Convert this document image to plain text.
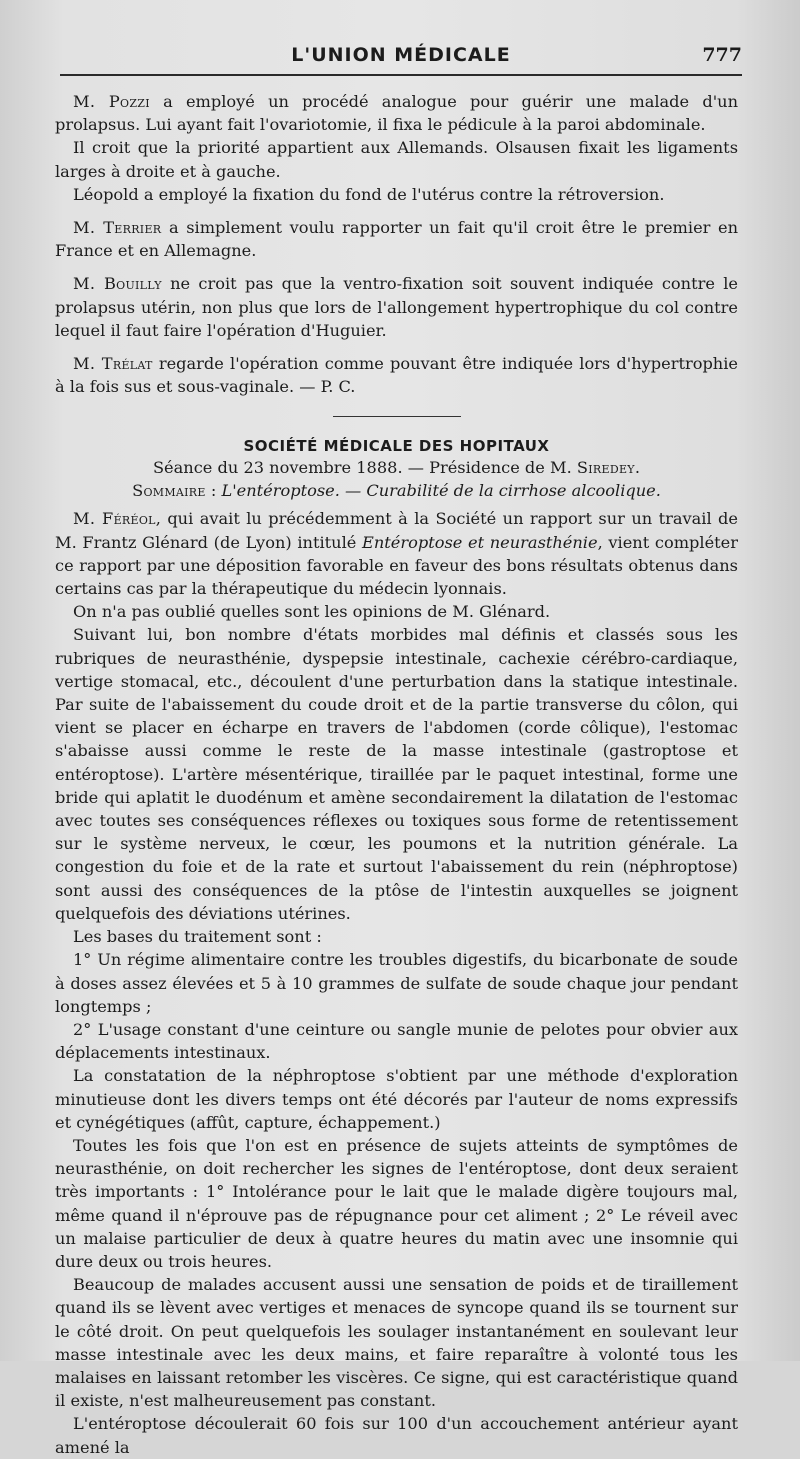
L'UNION MÉDICALE	777

M. Pozzi a employé un procédé analogue pour guérir une malade d'un prolapsus. Lui ayant fait l'ovariotomie, il fixa le pédicule à la paroi abdominale.

Il croit que la priorité appartient aux Allemands. Olsausen fixait les ligaments larges à droite et à gauche.

Léopold a employé la fixation du fond de l'utérus contre la rétroversion.

M. Terrier a simplement voulu rapporter un fait qu'il croit être le premier en France et en Allemagne.

M. Bouilly ne croit pas que la ventro-fixation soit souvent indiquée contre le prolapsus utérin, non plus que lors de l'allongement hypertrophique du col contre lequel il faut faire l'opération d'Huguier.

M. Trélat regarde l'opération comme pouvant être indiquée lors d'hypertrophie à la fois sus et sous-vaginale. — P. C.

SOCIÉTÉ MÉDICALE DES HOPITAUX
Séance du 23 novembre 1888. — Présidence de M. Siredey.
Sommaire : L'entéroptose. — Curabilité de la cirrhose alcoolique.

M. Féréol, qui avait lu précédemment à la Société un rapport sur un travail de M. Frantz Glénard (de Lyon) intitulé Entéroptose et neurasthénie, vient compléter ce rapport par une déposition favorable en faveur des bons résultats obtenus dans certains cas par la thérapeutique du médecin lyonnais.

On n'a pas oublié quelles sont les opinions de M. Glénard.

Suivant lui, bon nombre d'états morbides mal définis et classés sous les rubriques de neurasthénie, dyspepsie intestinale, cachexie cérébro-cardiaque, vertige stomacal, etc., découlent d'une perturbation dans la statique intestinale. Par suite de l'abaissement du coude droit et de la partie transverse du côlon, qui vient se placer en écharpe en travers de l'abdomen (corde côlique), l'estomac s'abaisse aussi comme le reste de la masse intestinale (gastroptose et entéroptose). L'artère mésentérique, tiraillée par le paquet intestinal, forme une bride qui aplatit le duodénum et amène secondairement la dilatation de l'estomac avec toutes ses conséquences réflexes ou toxiques sous forme de retentissement sur le système nerveux, le cœur, les poumons et la nutrition générale. La congestion du foie et de la rate et surtout l'abaissement du rein (néphroptose) sont aussi des conséquences de la ptôse de l'intestin auxquelles se joignent quelquefois des déviations utérines.

Les bases du traitement sont :

1° Un régime alimentaire contre les troubles digestifs, du bicarbonate de soude à doses assez élevées et 5 à 10 grammes de sulfate de soude chaque jour pendant longtemps ;

2° L'usage constant d'une ceinture ou sangle munie de pelotes pour obvier aux déplacements intestinaux.

La constatation de la néphroptose s'obtient par une méthode d'exploration minutieuse dont les divers temps ont été décorés par l'auteur de noms expressifs et cynégétiques (affût, capture, échappement.)

Toutes les fois que l'on est en présence de sujets atteints de symptômes de neurasthénie, on doit rechercher les signes de l'entéroptose, dont deux seraient très importants : 1° Intolérance pour le lait que le malade digère toujours mal, même quand il n'éprouve pas de répugnance pour cet aliment ; 2° Le réveil avec un malaise particulier de deux à quatre heures du matin avec une insomnie qui dure deux ou trois heures.

Beaucoup de malades accusent aussi une sensation de poids et de tiraillement quand ils se lèvent avec vertiges et menaces de syncope quand ils se tournent sur le côté droit. On peut quelquefois les soulager instantanément en soulevant leur masse intestinale avec les deux mains, et faire reparaître à volonté tous les malaises en laissant retomber les viscères. Ce signe, qui est caractéristique quand il existe, n'est malheureusement pas constant.

L'entéroptose découlerait 60 fois sur 100 d'un accouchement antérieur ayant amené la
